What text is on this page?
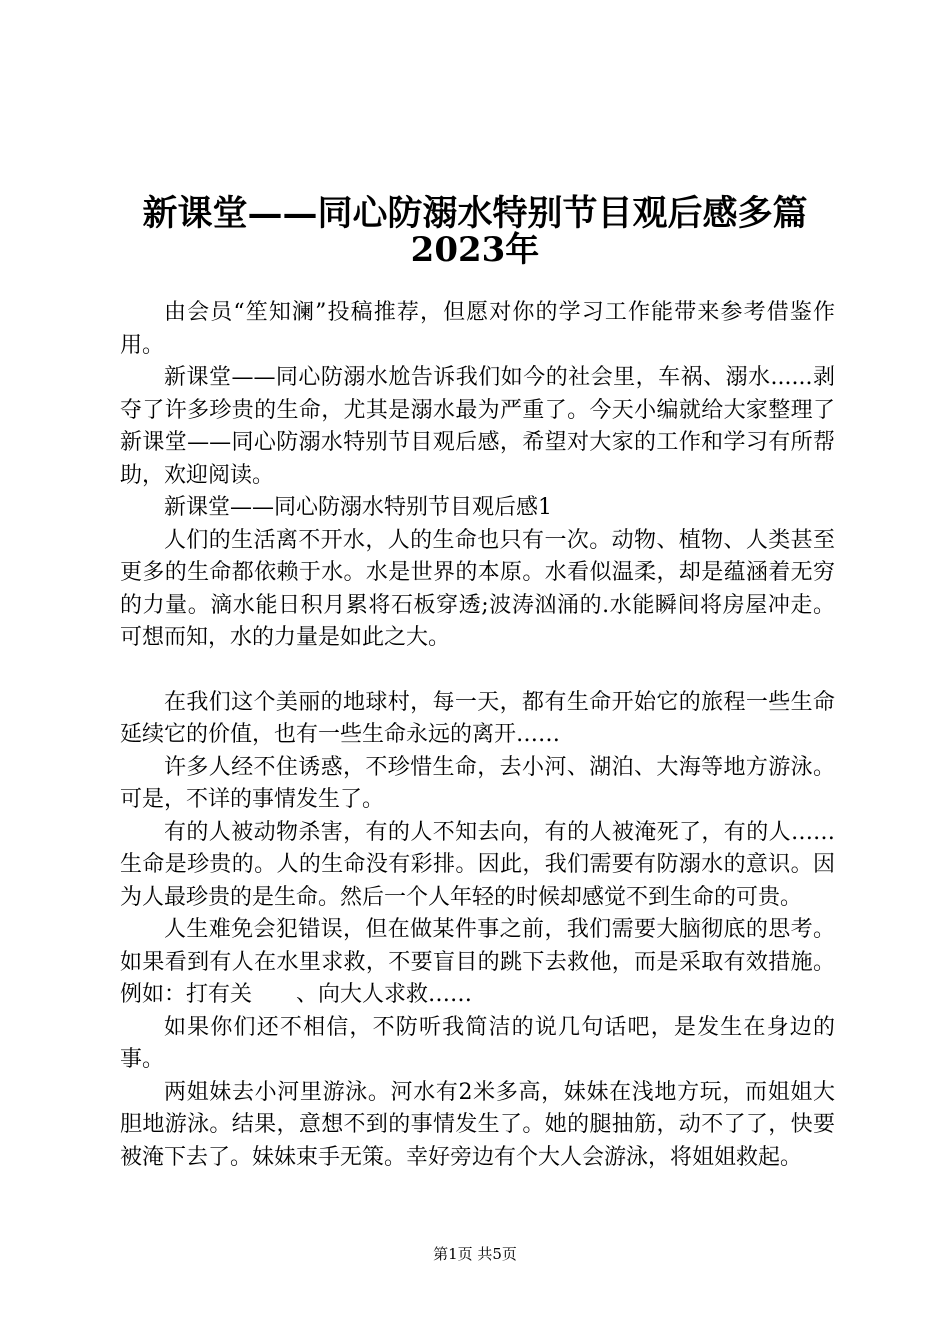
新课堂——同心防溺水特别节目观后感多篇
2023年

由会员“笙知澜”投稿推荐，但愿对你的学习工作能带来参考借鉴作用。

新课堂——同心防溺水尬告诉我们如今的社会里，车祸、溺水......剥夺了许多珍贵的生命，尤其是溺水最为严重了。今天小编就给大家整理了新课堂——同心防溺水特别节目观后感，希望对大家的工作和学习有所帮助，欢迎阅读。

新课堂——同心防溺水特别节目观后感1

人们的生活离不开水，人的生命也只有一次。动物、植物、人类甚至更多的生命都依赖于水。水是世界的本原。水看似温柔，却是蕴涵着无穷的力量。滴水能日积月累将石板穿透;波涛汹涌的.水能瞬间将房屋冲走。可想而知，水的力量是如此之大。

在我们这个美丽的地球村，每一天，都有生命开始它的旅程一些生命延续它的价值，也有一些生命永远的离开……

许多人经不住诱惑，不珍惜生命，去小河、湖泊、大海等地方游泳。可是，不详的事情发生了。

有的人被动物杀害，有的人不知去向，有的人被淹死了，有的人……生命是珍贵的。人的生命没有彩排。因此，我们需要有防溺水的意识。因为人最珍贵的是生命。然后一个人年轻的时候却感觉不到生命的可贵。

人生难免会犯错误，但在做某件事之前，我们需要大脑彻底的思考。如果看到有人在水里求救，不要盲目的跳下去救他，而是采取有效措施。例如：打有关　　、向大人求救……

如果你们还不相信，不防听我简洁的说几句话吧，是发生在身边的事。

两姐妹去小河里游泳。河水有2米多高，妹妹在浅地方玩，而姐姐大胆地游泳。结果，意想不到的事情发生了。她的腿抽筋，动不了了，快要被淹下去了。妹妹束手无策。幸好旁边有个大人会游泳，将姐姐救起。

第1页 共5页
